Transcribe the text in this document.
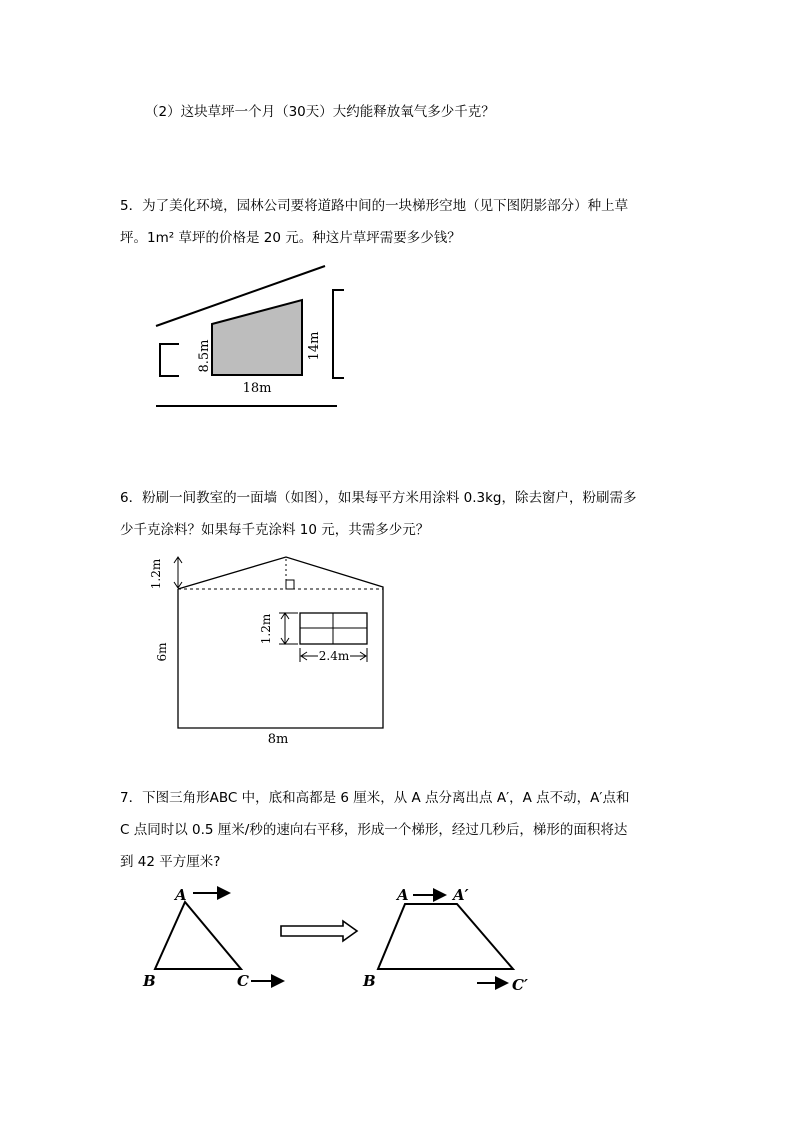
（2）这块草坪一个月（30天）大约能释放氧气多少千克？
5．为了美化环境，园林公司要将道路中间的一块梯形空地（见下图阴影部分）种上草
坪。1m² 草坪的价格是 20 元。种这片草坪需要多少钱？
8.5m	14m
18m
6．粉刷一间教室的一面墙（如图），如果每平方米用涂料 0.3kg，除去窗户，粉刷需多
少千克涂料？如果每千克涂料 10 元，共需多少元？
1.2m
6m
1.2m
2.4m
8m
7．下图三角形ABC 中，底和高都是 6 厘米，从 A 点分离出点 A′，A 点不动，A′点和
C 点同时以 0.5 厘米/秒的速向右平移，形成一个梯形，经过几秒后，梯形的面积将达
到 42 平方厘米?
A
B	C
A	A′
B	C′
